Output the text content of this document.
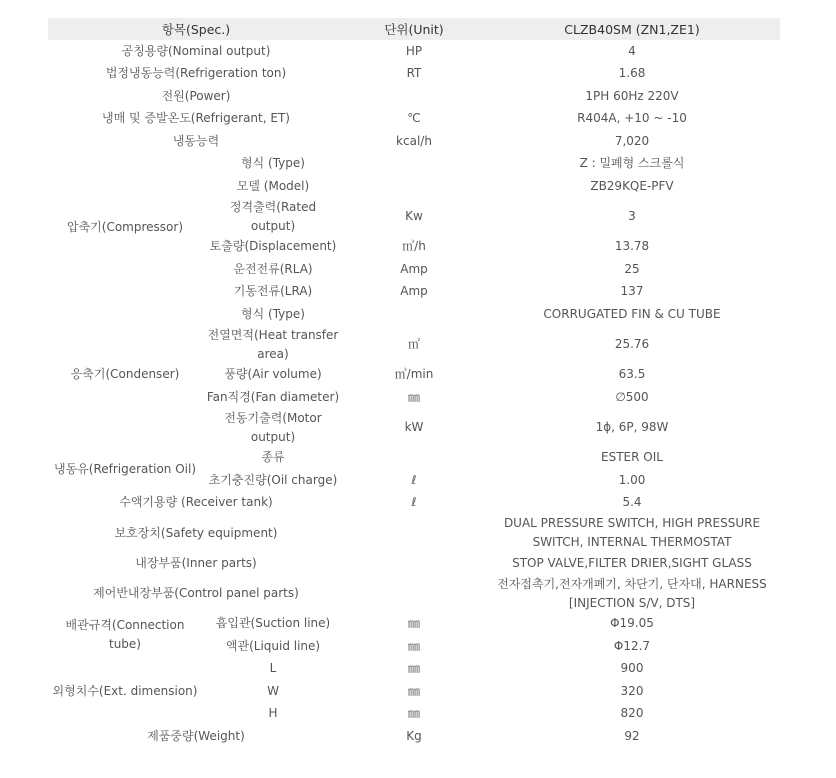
항목(Spec.)		단위(Unit)	CLZB40SM (ZN1,ZE1)
공칭용량(Nominal output)		HP	4
법정냉동능력(Refrigeration ton)		RT	1.68
전원(Power)			1PH 60Hz 220V
냉매 및 증발온도(Refrigerant, ET)		℃	R404A, +10 ~ -10
냉동능력		kcal/h	7,020
압축기(Compressor)	형식 (Type)		Z : 밀폐형 스크롤식
	모델 (Model)		ZB29KQE-PFV
	정격출력(Rated output)	Kw	3
	토출량(Displacement)	㎥/h	13.78
	운전전류(RLA)	Amp	25
	기동전류(LRA)	Amp	137
응축기(Condenser)	형식 (Type)		CORRUGATED FIN & CU TUBE
	전열면적(Heat transfer area)	㎡	25.76
	풍량(Air volume)	㎥/min	63.5
	Fan직경(Fan diameter)	㎜	∅500
	전동기출력(Motor output)	kW	1ϕ, 6P, 98W
냉동유(Refrigeration Oil)	종류		ESTER OIL
	초기충진량(Oil charge)	ℓ	1.00
수액기용량 (Receiver tank)		ℓ	5.4
보호장치(Safety equipment)			DUAL PRESSURE SWITCH, HIGH PRESSURE SWITCH, INTERNAL THERMOSTAT
내장부품(Inner parts)			STOP VALVE,FILTER DRIER,SIGHT GLASS
제어반내장부품(Control panel parts)			전자접촉기,전자개폐기, 차단기, 단자대, HARNESS [INJECTION S/V, DTS]
배관규격(Connection tube)	흡입관(Suction line)	㎜	Φ19.05
	액관(Liquid line)	㎜	Φ12.7
외형치수(Ext. dimension)	L	㎜	900
	W	㎜	320
	H	㎜	820
제품중량(Weight)		Kg	92
